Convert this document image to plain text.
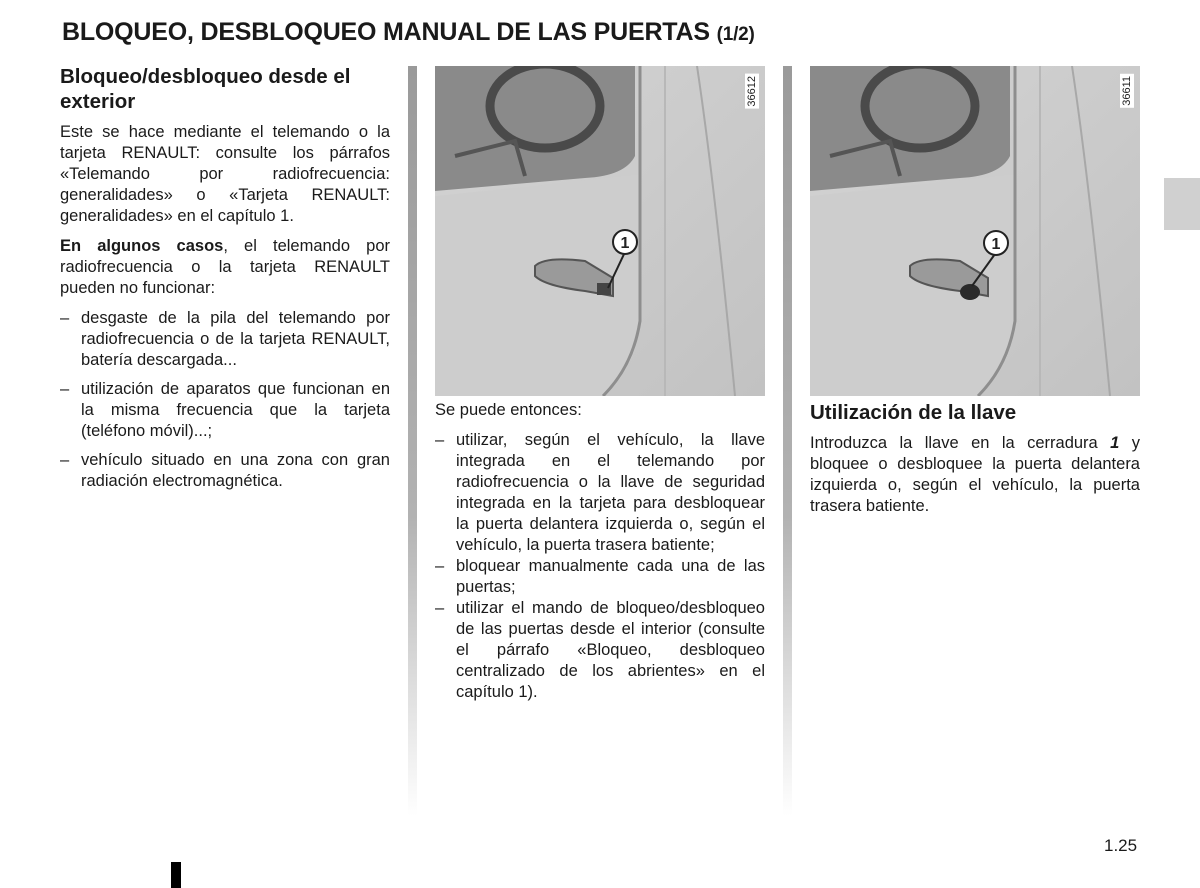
BLOQUEO, DESBLOQUEO MANUAL DE LAS PUERTAS (1/2)
Bloqueo/desbloqueo desde el exterior

Este se hace mediante el telemando o la tarjeta RENAULT: consulte los párrafos «Telemando por radiofrecuencia: generalidades» o «Tarjeta RENAULT: generalidades» en el capítulo 1.

En algunos casos, el telemando por radiofrecuencia o la tarjeta RENAULT pueden no funcionar:

– desgaste de la pila del telemando por radiofrecuencia o de la tarjeta RENAULT, batería descargada...
– utilización de aparatos que funcionan en la misma frecuencia que la tarjeta (teléfono móvil)...;
– vehículo situado en una zona con gran radiación electromagnética.
1
36612

Se puede entonces:

– utilizar, según el vehículo, la llave integrada en el telemando por radiofrecuencia o la llave de seguridad integrada en la tarjeta para desbloquear la puerta delantera izquierda o, según el vehículo, la puerta trasera batiente;
– bloquear manualmente cada una de las puertas;
– utilizar el mando de bloqueo/desbloqueo de las puertas desde el interior (consulte el párrafo «Bloqueo, desbloqueo centralizado de los abrientes» en el capítulo 1).
1
36611
Utilización de la llave

Introduzca la llave en la cerradura 1 y bloquee o desbloquee la puerta delantera izquierda o, según el vehículo, la puerta trasera batiente.

1.25
